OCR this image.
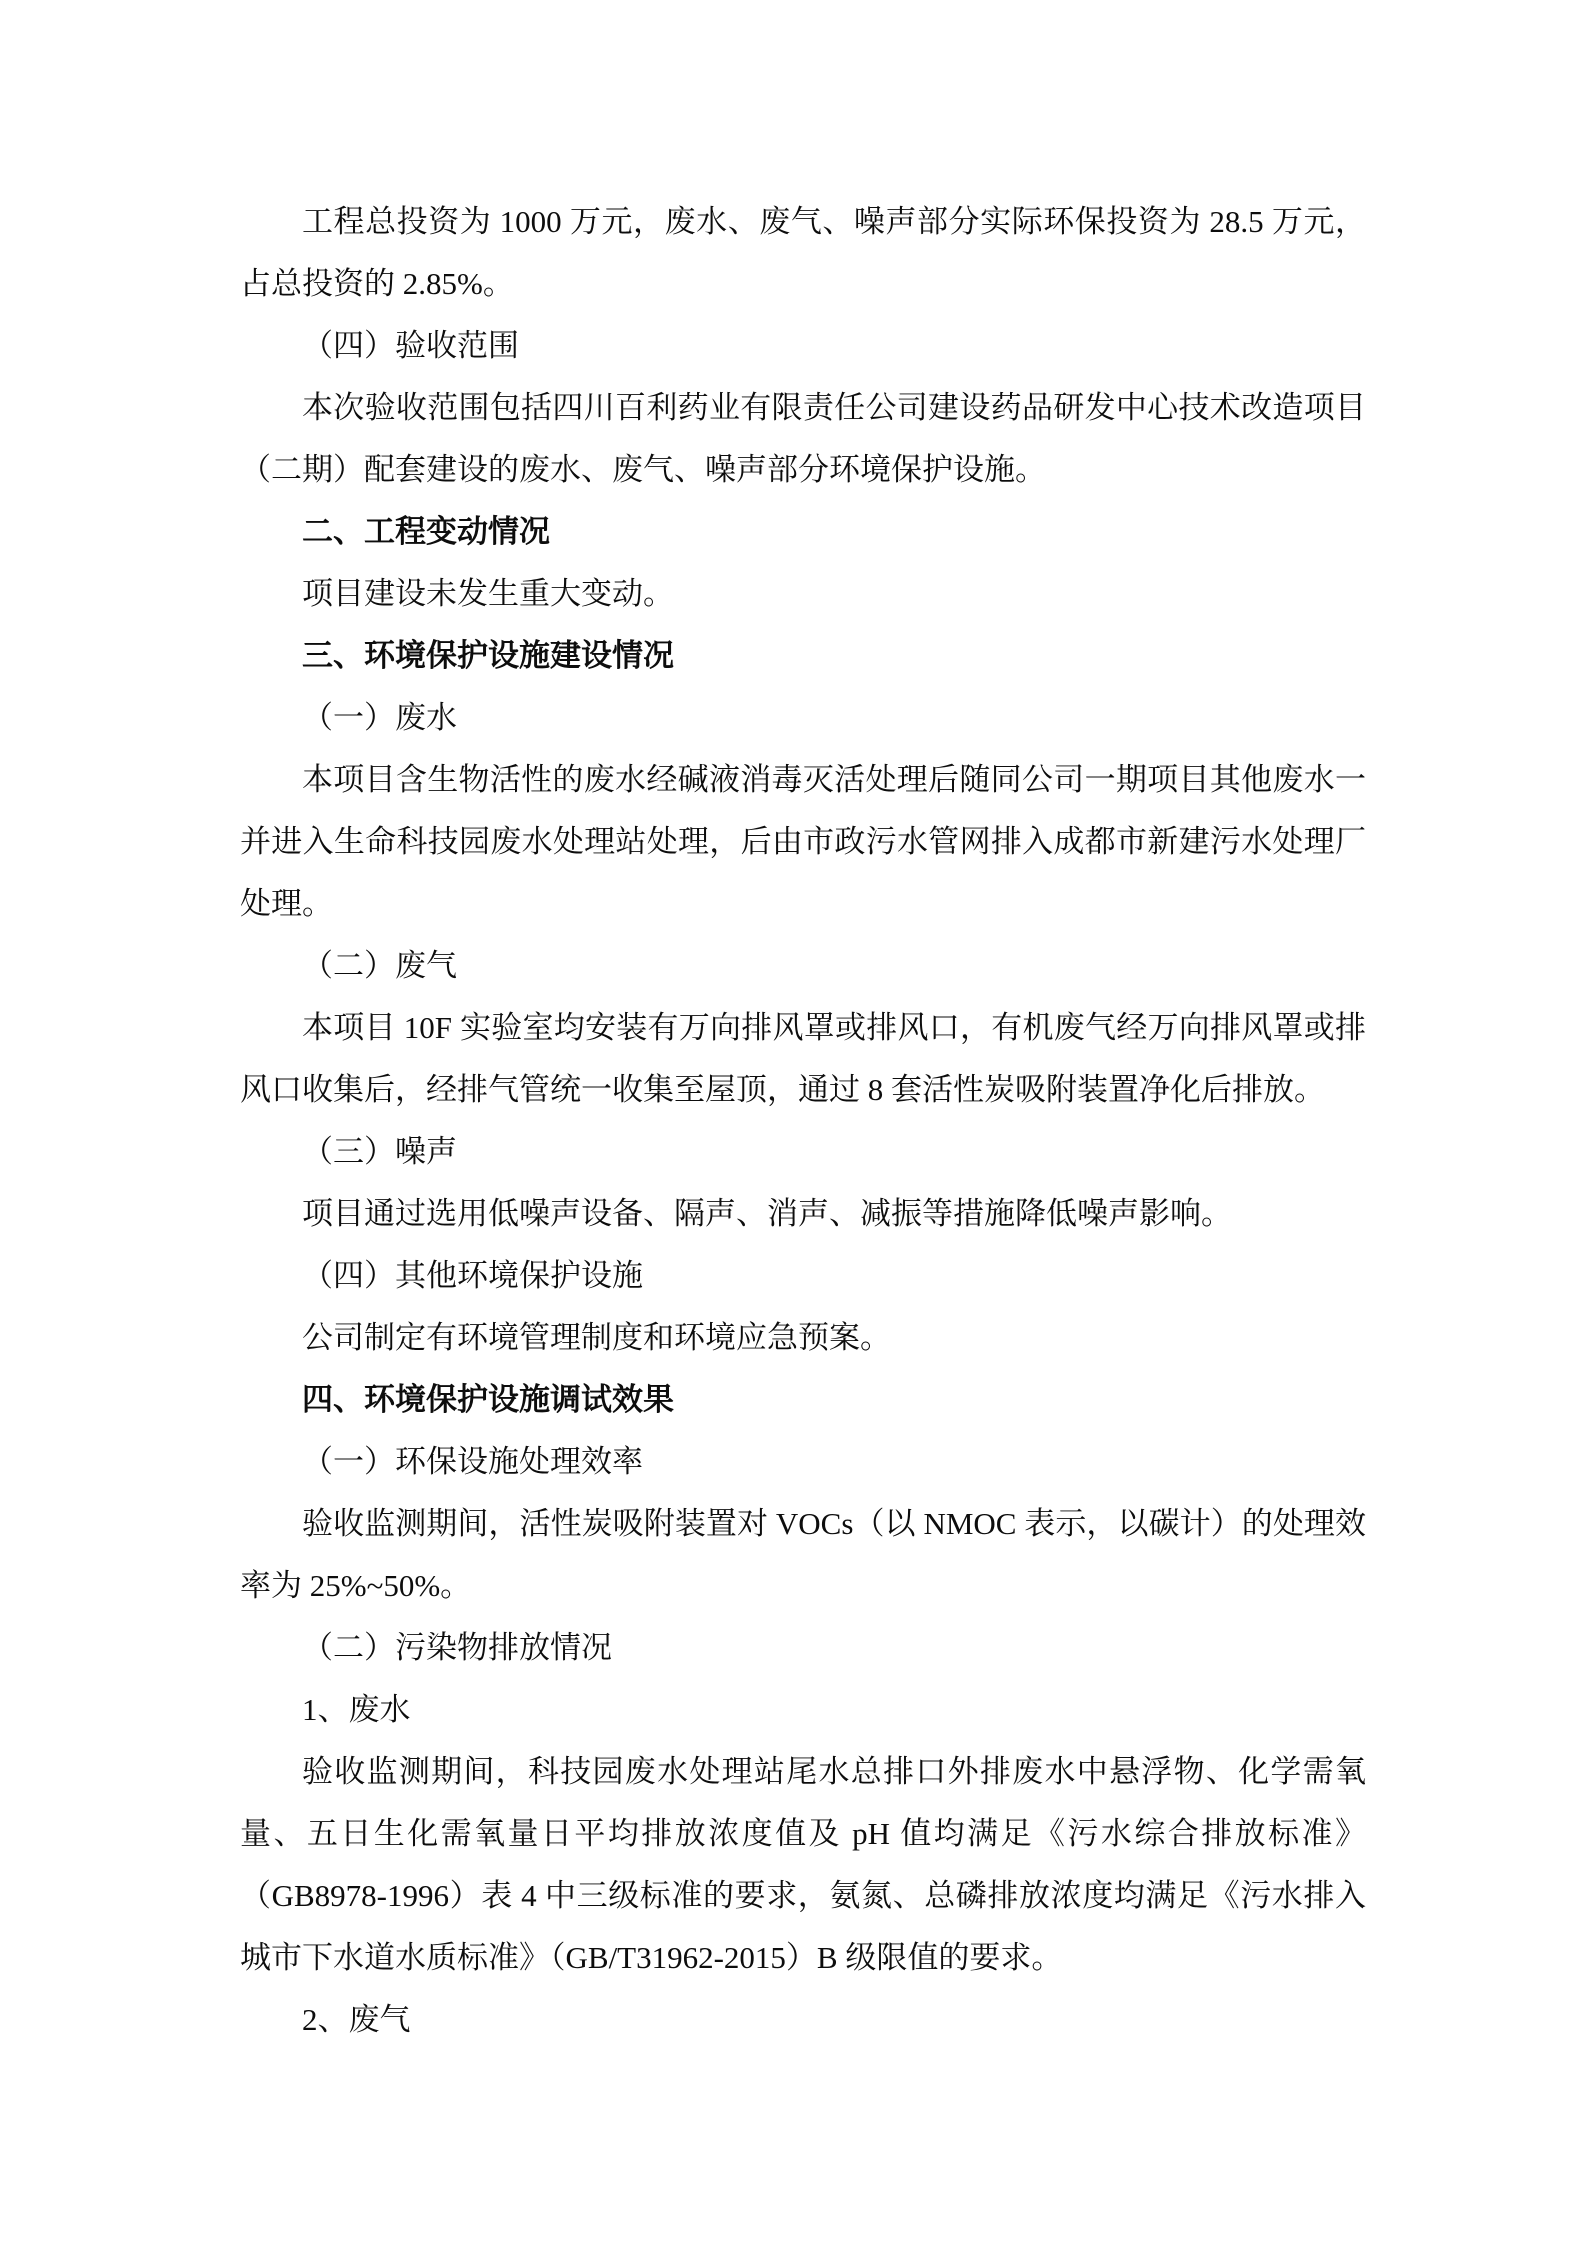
工程总投资为 1000 万元，废水、废气、噪声部分实际环保投资为 28.5 万元，占总投资的 2.85%。

（四）验收范围

本次验收范围包括四川百利药业有限责任公司建设药品研发中心技术改造项目（二期）配套建设的废水、废气、噪声部分环境保护设施。

二、工程变动情况

项目建设未发生重大变动。

三、环境保护设施建设情况

（一）废水

本项目含生物活性的废水经碱液消毒灭活处理后随同公司一期项目其他废水一并进入生命科技园废水处理站处理，后由市政污水管网排入成都市新建污水处理厂处理。

（二）废气

本项目 10F 实验室均安装有万向排风罩或排风口，有机废气经万向排风罩或排风口收集后，经排气管统一收集至屋顶，通过 8 套活性炭吸附装置净化后排放。

（三）噪声

项目通过选用低噪声设备、隔声、消声、减振等措施降低噪声影响。

（四）其他环境保护设施

公司制定有环境管理制度和环境应急预案。

四、环境保护设施调试效果

（一）环保设施处理效率

验收监测期间，活性炭吸附装置对 VOCs（以 NMOC 表示，以碳计）的处理效率为 25%~50%。

（二）污染物排放情况

1、废水

验收监测期间，科技园废水处理站尾水总排口外排废水中悬浮物、化学需氧量、五日生化需氧量日平均排放浓度值及 pH 值均满足《污水综合排放标准》（GB8978-1996）表 4 中三级标准的要求，氨氮、总磷排放浓度均满足《污水排入城市下水道水质标准》（GB/T31962-2015）B 级限值的要求。

2、废气
